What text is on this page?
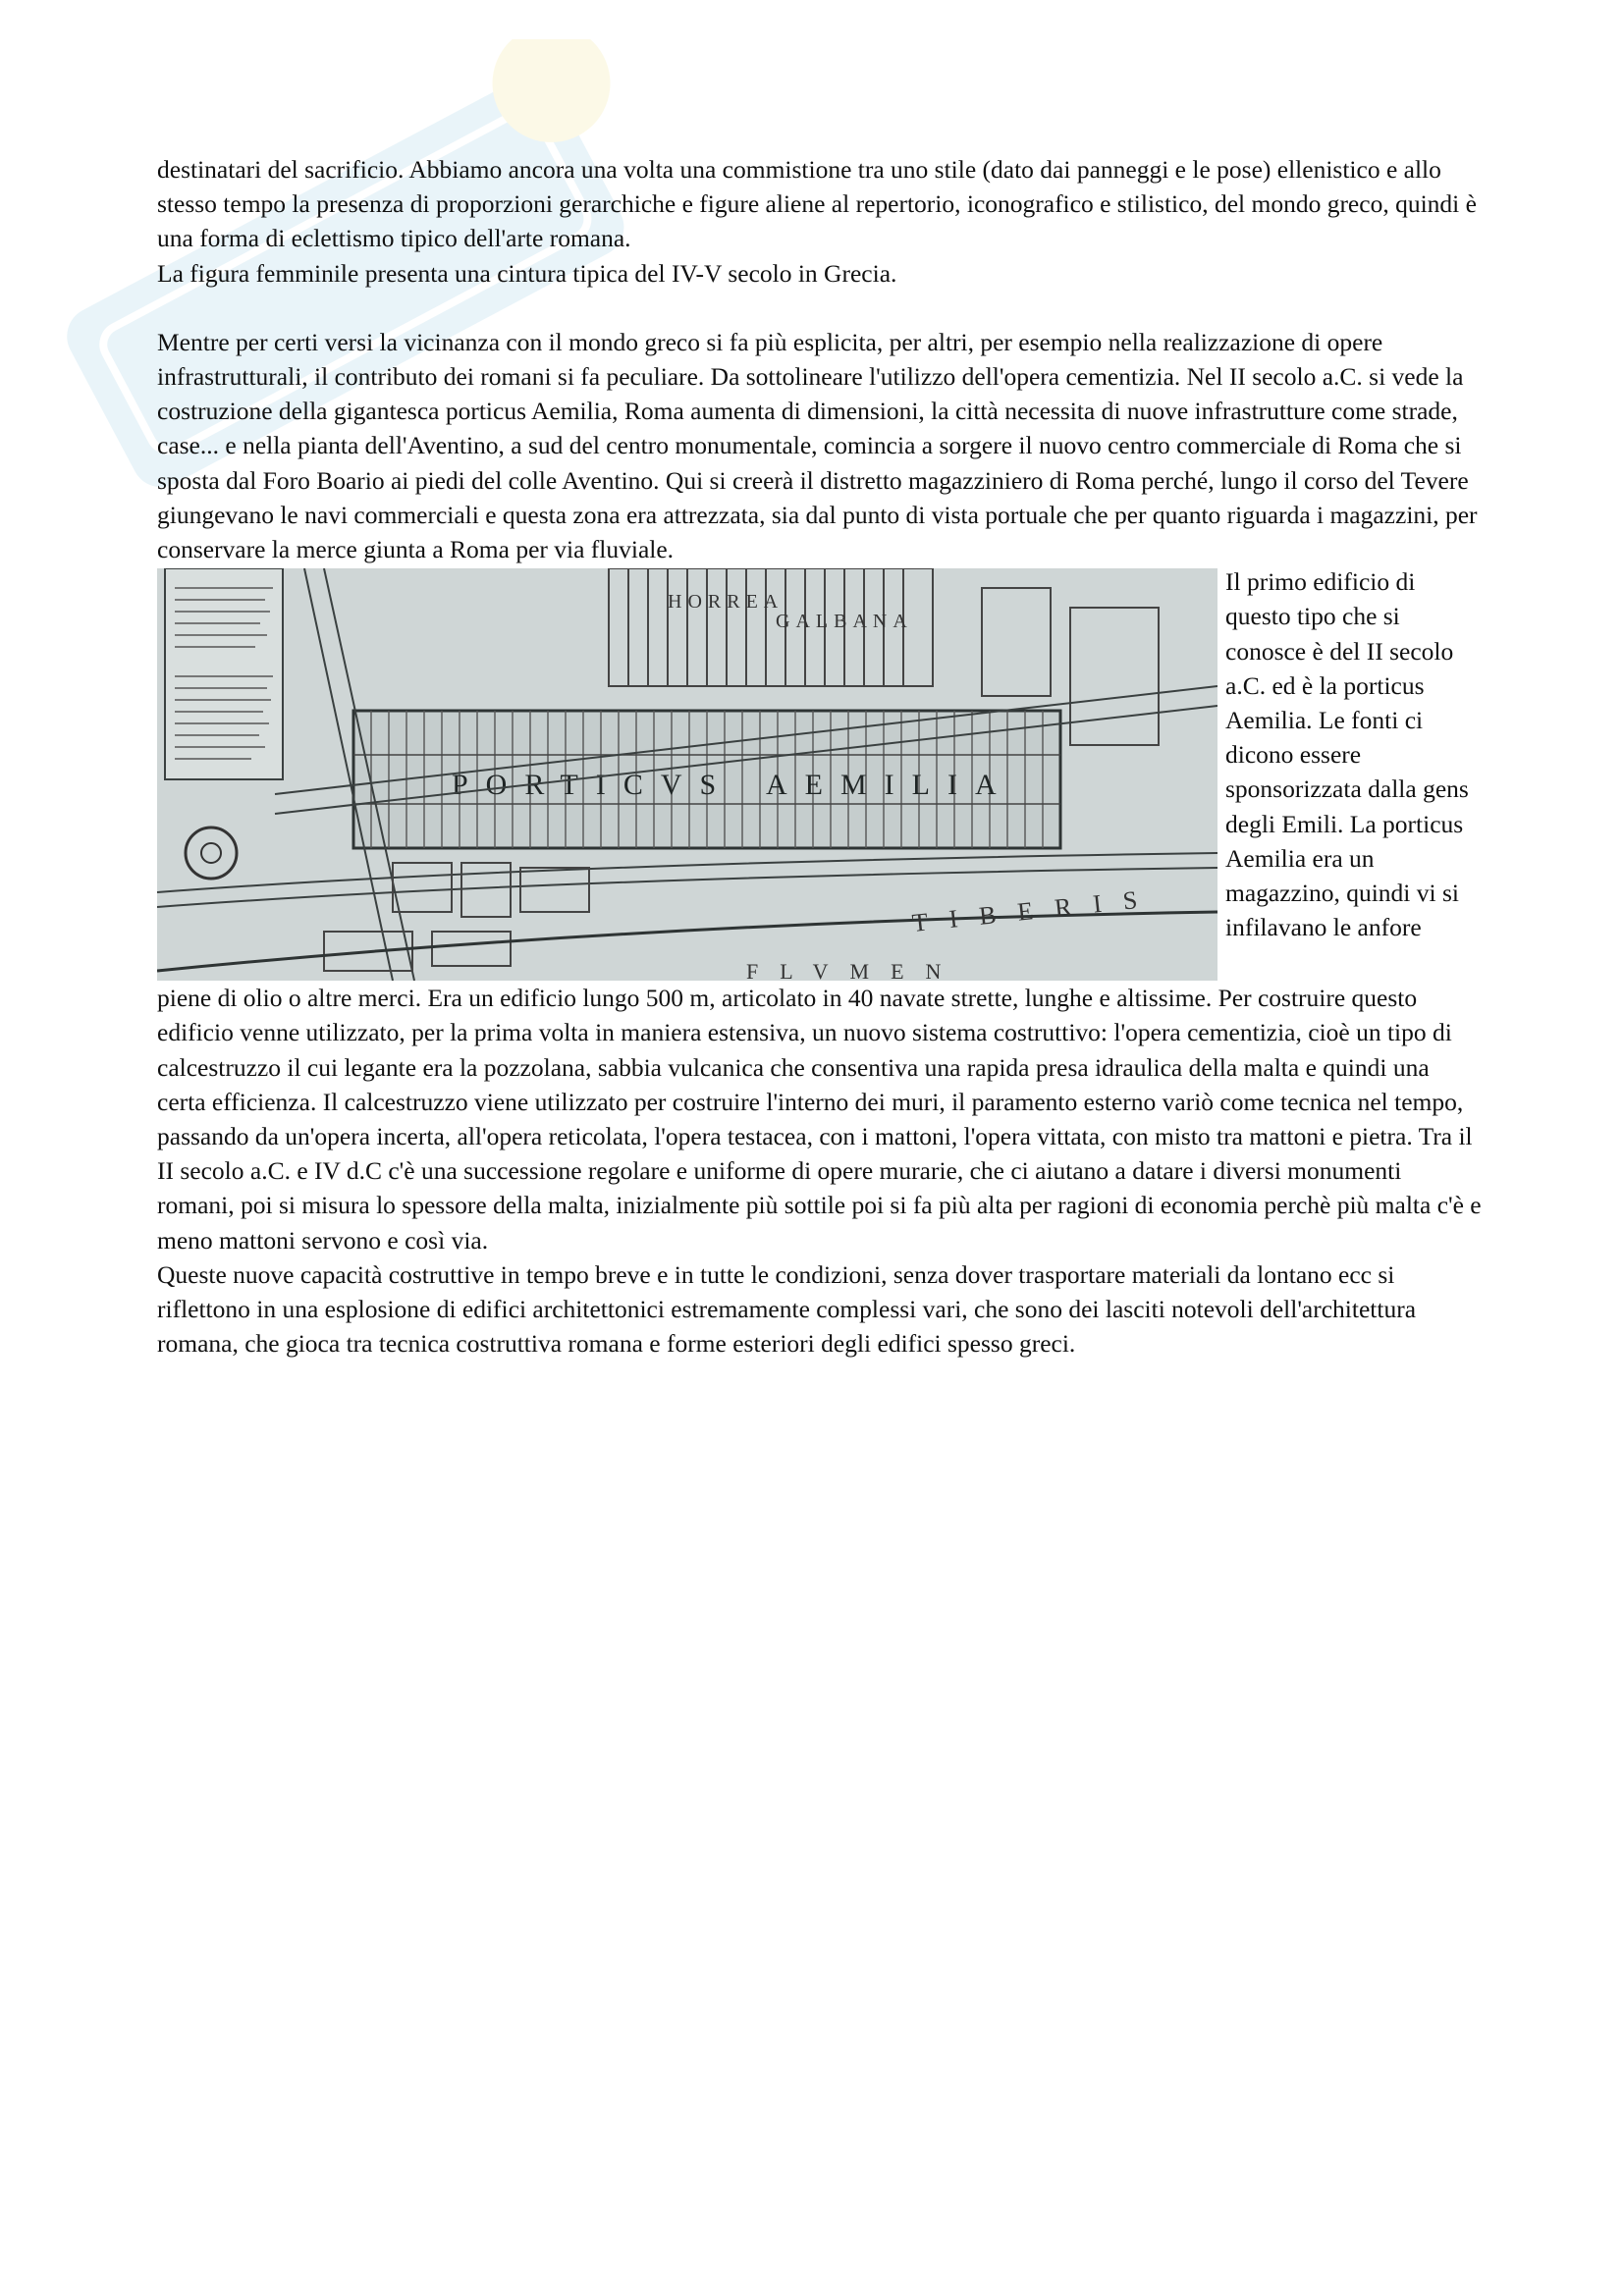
destinatari del sacrificio. Abbiamo ancora una volta una commistione tra uno stile (dato dai panneggi e le pose) ellenistico e allo stesso tempo la presenza di proporzioni gerarchiche e figure aliene al repertorio, iconografico e stilistico, del mondo greco, quindi è una forma di eclettismo tipico dell'arte romana.

La figura femminile presenta una cintura tipica del IV-V secolo in Grecia.

Mentre per certi versi la vicinanza con il mondo greco si fa più esplicita, per altri, per esempio nella realizzazione di opere infrastrutturali, il contributo dei romani si fa peculiare. Da sottolineare l'utilizzo dell'opera cementizia. Nel II secolo a.C. si vede la costruzione della gigantesca porticus Aemilia, Roma aumenta di dimensioni, la città necessita di nuove infrastrutture come strade, case... e nella pianta dell'Aventino, a sud del centro monumentale, comincia a sorgere il nuovo centro commerciale di Roma che si sposta dal Foro Boario ai piedi del colle Aventino. Qui si creerà il distretto magazziniero di Roma perché, lungo il corso del Tevere giungevano le navi commerciali e questa zona era attrezzata, sia dal punto di vista portuale che per quanto riguarda i magazzini, per conservare la merce giunta a Roma per via fluviale.

HORREA
GALBANA
PORTICVS AEMILIA
TIBERIS
FLVMEN
Il primo edificio di questo tipo che si conosce è del II secolo a.C. ed è la porticus Aemilia. Le fonti ci dicono essere sponsorizzata dalla gens degli Emili. La porticus Aemilia era un magazzino, quindi vi si infilavano le anfore

piene di olio o altre merci. Era un edificio lungo 500 m, articolato in 40 navate strette, lunghe e altissime. Per costruire questo edificio venne utilizzato, per la prima volta in maniera estensiva, un nuovo sistema costruttivo: l'opera cementizia, cioè un tipo di calcestruzzo il cui legante era la pozzolana, sabbia vulcanica che consentiva una rapida presa idraulica della malta e quindi una certa efficienza. Il calcestruzzo viene utilizzato per costruire l'interno dei muri, il paramento esterno variò come tecnica nel tempo, passando da un'opera incerta, all'opera reticolata, l'opera testacea, con i mattoni, l'opera vittata, con misto tra mattoni e pietra. Tra il II secolo a.C. e IV d.C c'è una successione regolare e uniforme di opere murarie, che ci aiutano a datare i diversi monumenti romani, poi si misura lo spessore della malta, inizialmente più sottile poi si fa più alta per ragioni di economia perchè più malta c'è e meno mattoni servono e così via.

Queste nuove capacità costruttive in tempo breve e in tutte le condizioni, senza dover trasportare materiali da lontano ecc si riflettono in una esplosione di edifici architettonici estremamente complessi vari, che sono dei lasciti notevoli dell'architettura romana, che gioca tra tecnica costruttiva romana e forme esteriori degli edifici spesso greci.
